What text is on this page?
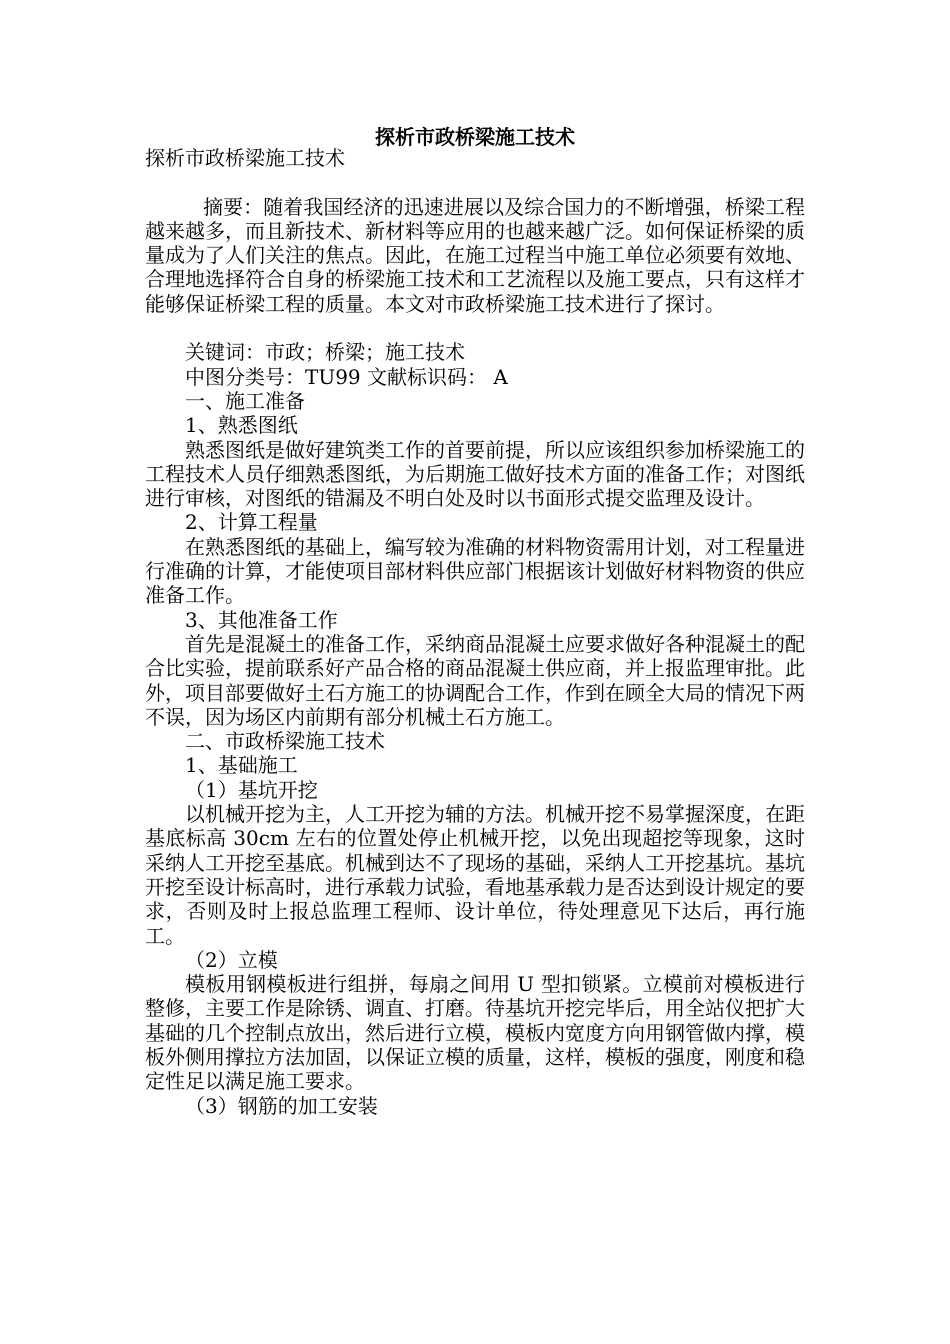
探析市政桥梁施工技术

探析市政桥梁施工技术

摘要：随着我国经济的迅速进展以及综合国力的不断增强，桥梁工程越来越多，而且新技术、新材料等应用的也越来越广泛。如何保证桥梁的质量成为了人们关注的焦点。因此，在施工过程当中施工单位必须要有效地、合理地选择符合自身的桥梁施工技术和工艺流程以及施工要点，只有这样才能够保证桥梁工程的质量。本文对市政桥梁施工技术进行了探讨。

关键词：市政；桥梁；施工技术

中图分类号：TU99 文献标识码： A

一、施工准备

1、熟悉图纸

熟悉图纸是做好建筑类工作的首要前提，所以应该组织参加桥梁施工的工程技术人员仔细熟悉图纸，为后期施工做好技术方面的准备工作；对图纸进行审核，对图纸的错漏及不明白处及时以书面形式提交监理及设计。

2、计算工程量

在熟悉图纸的基础上，编写较为准确的材料物资需用计划，对工程量进行准确的计算，才能使项目部材料供应部门根据该计划做好材料物资的供应准备工作。

3、其他准备工作

首先是混凝土的准备工作，采纳商品混凝土应要求做好各种混凝土的配合比实验，提前联系好产品合格的商品混凝土供应商，并上报监理审批。此外，项目部要做好土石方施工的协调配合工作，作到在顾全大局的情况下两不误，因为场区内前期有部分机械土石方施工。

二、市政桥梁施工技术

1、基础施工

（1）基坑开挖

以机械开挖为主，人工开挖为辅的方法。机械开挖不易掌握深度，在距基底标高 30cm 左右的位置处停止机械开挖，以免出现超挖等现象，这时采纳人工开挖至基底。机械到达不了现场的基础，采纳人工开挖基坑。基坑开挖至设计标高时，进行承载力试验，看地基承载力是否达到设计规定的要求，否则及时上报总监理工程师、设计单位，待处理意见下达后，再行施工。

（2）立模

模板用钢模板进行组拼，每扇之间用 U 型扣锁紧。立模前对模板进行整修，主要工作是除锈、调直、打磨。待基坑开挖完毕后，用全站仪把扩大基础的几个控制点放出，然后进行立模，模板内宽度方向用钢管做内撑，模板外侧用撑拉方法加固，以保证立模的质量，这样，模板的强度，刚度和稳定性足以满足施工要求。

（3）钢筋的加工安装
